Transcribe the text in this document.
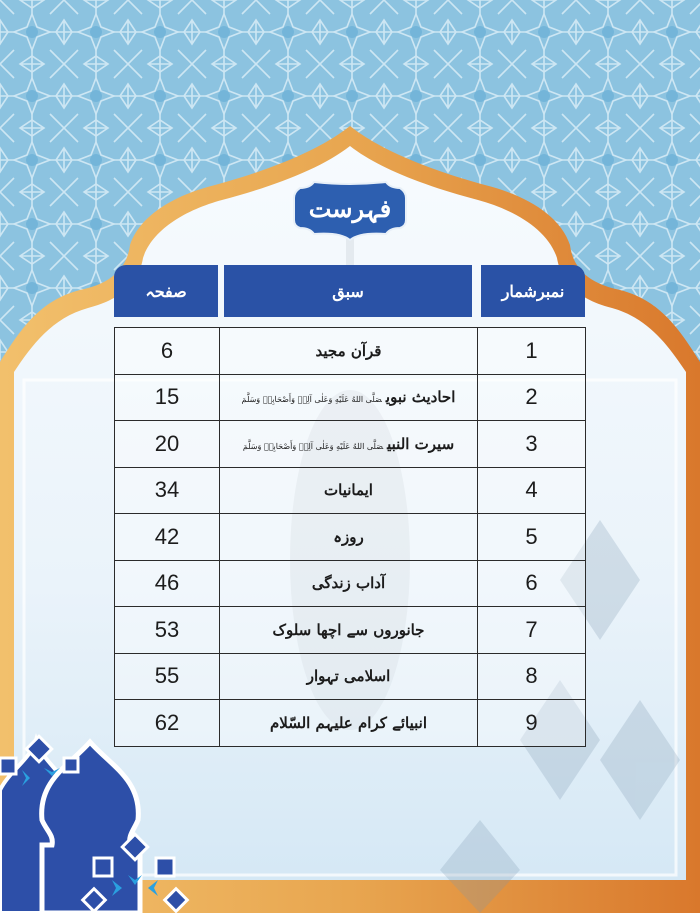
فہرست
صفحہ	سبق	نمبرشمار
6	قرآن مجید	1
15	احادیث نبویصَلَّى اللهُ عَلَيْهِ وَعَلٰى آلِهٖ وَأَصْحَابِهٖ وَسَلَّمَ	2
20	سیرت النبیصَلَّى اللهُ عَلَيْهِ وَعَلٰى آلِهٖ وَأَصْحَابِهٖ وَسَلَّمَ	3
34	ایمانیات	4
42	روزہ	5
46	آداب زندگی	6
53	جانوروں سے اچھا سلوک	7
55	اسلامی تہوار	8
62	انبیائے کرام علیہم السّلام	9
